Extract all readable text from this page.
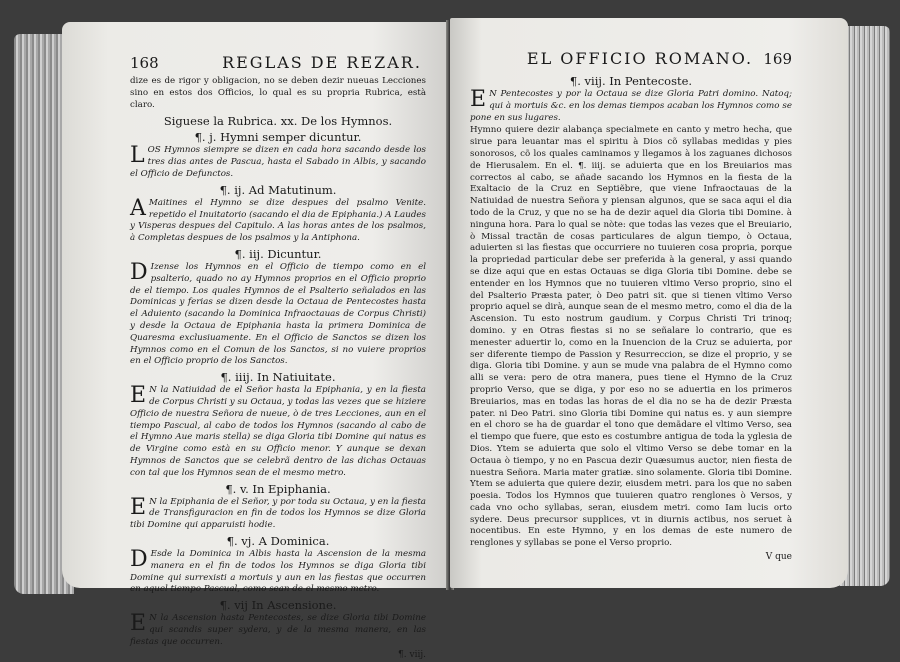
168	REGLAS DE REZAR.

dize es de rigor y obligacion, no se deben dezir nueuas Lecciones sino en estos dos Officios, lo qual es su propria Rubrica, està claro.

Siguese la Rubrica. xx. De los Hymnos.
¶. j. Hymni semper dicuntur.

LOS Hymnos siempre se dizen en cada hora sacando desde los tres dias antes de Pascua, hasta el Sabado in Albis, y sacando el Officio de Defunctos.

¶. ij. Ad Matutinum.

A Maitines el Hymno se dize despues del psalmo Venite. repetido el Inuitatorio (sacando el dia de Epiphania.) A Laudes y Visperas despues del Capitulo. A las horas antes de los psalmos, à Completas despues de los psalmos y la Antiphona.

¶. iij. Dicuntur.

D Izense los Hymnos en el Officio de tiempo como en el psalterio, quado no ay Hymnos proprios en el Officio proprio de el tiempo. Los quales Hymnos de el Psalterio señalados en las Dominicas y ferias se dizen desde la Octaua de Pentecostes hasta el Aduiento (sacando la Dominica Infraoctauas de Corpus Christi) y desde la Octaua de Epiphania hasta la primera Dominica de Quaresma exclusiuamente. En el Officio de Sanctos se dizen los Hymnos como en el Comun de los Sanctos, si no vuiere proprios en el Officio proprio de los Sanctos.

¶. iiij. In Natiuitate.

E N la Natiuidad de el Señor hasta la Epiphania, y en la fiesta de Corpus Christi y su Octaua, y todas las vezes que se hiziere Officio de nuestra Señora de nueue, ò de tres Lecciones, aun en el tiempo Pascual, al cabo de todos los Hymnos (sacando al cabo de el Hymno Aue maris stella) se diga Gloria tibi Domine qui natus es de Virgine como està en su Officio menor. Y aunque se dexan Hymnos de Sanctos que se celebrã dentro de las dichas Octauas con tal que los Hymnos sean de el mesmo metro.

¶. v. In Epiphania.

E N la Epiphania de el Señor, y por toda su Octaua, y en la fiesta de Transfiguracion en fin de todos los Hymnos se dize Gloria tibi Domine qui apparuisti hodie.

¶. vj. A Dominica.

D Esde la Dominica in Albis hasta la Ascension de la mesma manera en el fin de todos los Hymnos se diga Gloria tibi Domine qui surrexisti a mortuis y aun en las fiestas que occurren en aquel tiempo Pascual, como sean de el mesmo metro.

¶. vij In Ascensione.

E N la Ascension hasta Pentecostes, se dize Gloria tibi Domine qui scandis super sydera, y de la mesma manera, en las fiestas que occurren.

¶. viij.
EL OFFICIO ROMANO. 169
¶. viij. In Pentecoste.

E N Pentecostes y por la Octaua se dize Gloria Patri domino. Natoq; qui à mortuis &c. en los demas tiempos acaban los Hymnos como se pone en sus lugares.

Hymno quiere dezir alabança specialmete en canto y metro hecha, que sirue para leuantar mas el spiritu à Dios cõ syllabas medidas y pies sonorosos, cõ los quales caminamos y llegamos à los zaguanes dichosos de Hierusalem. En el. ¶. iiij. se aduierta que en los Breuiarios mas correctos al cabo, se añade sacando los Hymnos en la fiesta de la Exaltacio de la Cruz en Septiẽbre, que viene Infraoctauas de la Natiuidad de nuestra Señora y piensan algunos, que se saca aqui el dia todo de la Cruz, y que no se ha de dezir aquel dia Gloria tibi Domine. à ninguna hora. Para lo qual se nòte: que todas las vezes que el Breuiario, ò Missal tractãn de cosas particulares de algun tiempo, ò Octaua, aduierten si las fiestas que occurriere no tuuieren cosa propria, porque la propriedad particular debe ser preferida à la general, y assi quando se dize aqui que en estas Octauas se diga Gloria tibi Domine. debe se entender en los Hymnos que no tuuieren vltimo Verso proprio, sino el del Psalterio Præsta pater, ò Deo patri sit. que si tienen vltimo Verso proprio aquel se dirà, aunque sean de el mesmo metro, como el dia de la Ascension. Tu esto nostrum gaudium. y Corpus Christi Tri trinoq; domino. y en Otras fiestas si no se señalare lo contrario, que es menester aduertir lo, como en la Inuencion de la Cruz se aduierta, por ser diferente tiempo de Passion y Resurreccion, se dize el proprio, y se diga. Gloria tibi Domine. y aun se mude vna palabra de el Hymno como alli se vera: pero de otra manera, pues tiene el Hymno de la Cruz proprio Verso, que se diga, y por eso no se aduertia en los primeros Breuiarios, mas en todas las horas de el dia no se ha de dezir Præsta pater. ni Deo Patri. sino Gloria tibi Domine qui natus es. y aun siempre en el choro se ha de guardar el tono que demãdare el vltimo Verso, sea el tiempo que fuere, que esto es costumbre antigua de toda la yglesia de Dios. Ytem se aduierta que solo el vltimo Verso se debe tomar en la Octaua ò tiempo, y no en Pascua dezir Quæsumus auctor, nien fiesta de nuestra Señora. Maria mater gratiæ. sino solamente. Gloria tibi Domine. Ytem se aduierta que quiere dezir, eiusdem metri. para los que no saben poesia. Todos los Hymnos que tuuieren quatro renglones ò Versos, y cada vno ocho syllabas, seran, eiusdem metri. como Iam lucis orto sydere. Deus precursor supplices, vt in diurnis actibus, nos seruet à nocentibus. En este Hymno, y en los demas de este numero de renglones y syllabas se pone el Verso proprio.

V que
